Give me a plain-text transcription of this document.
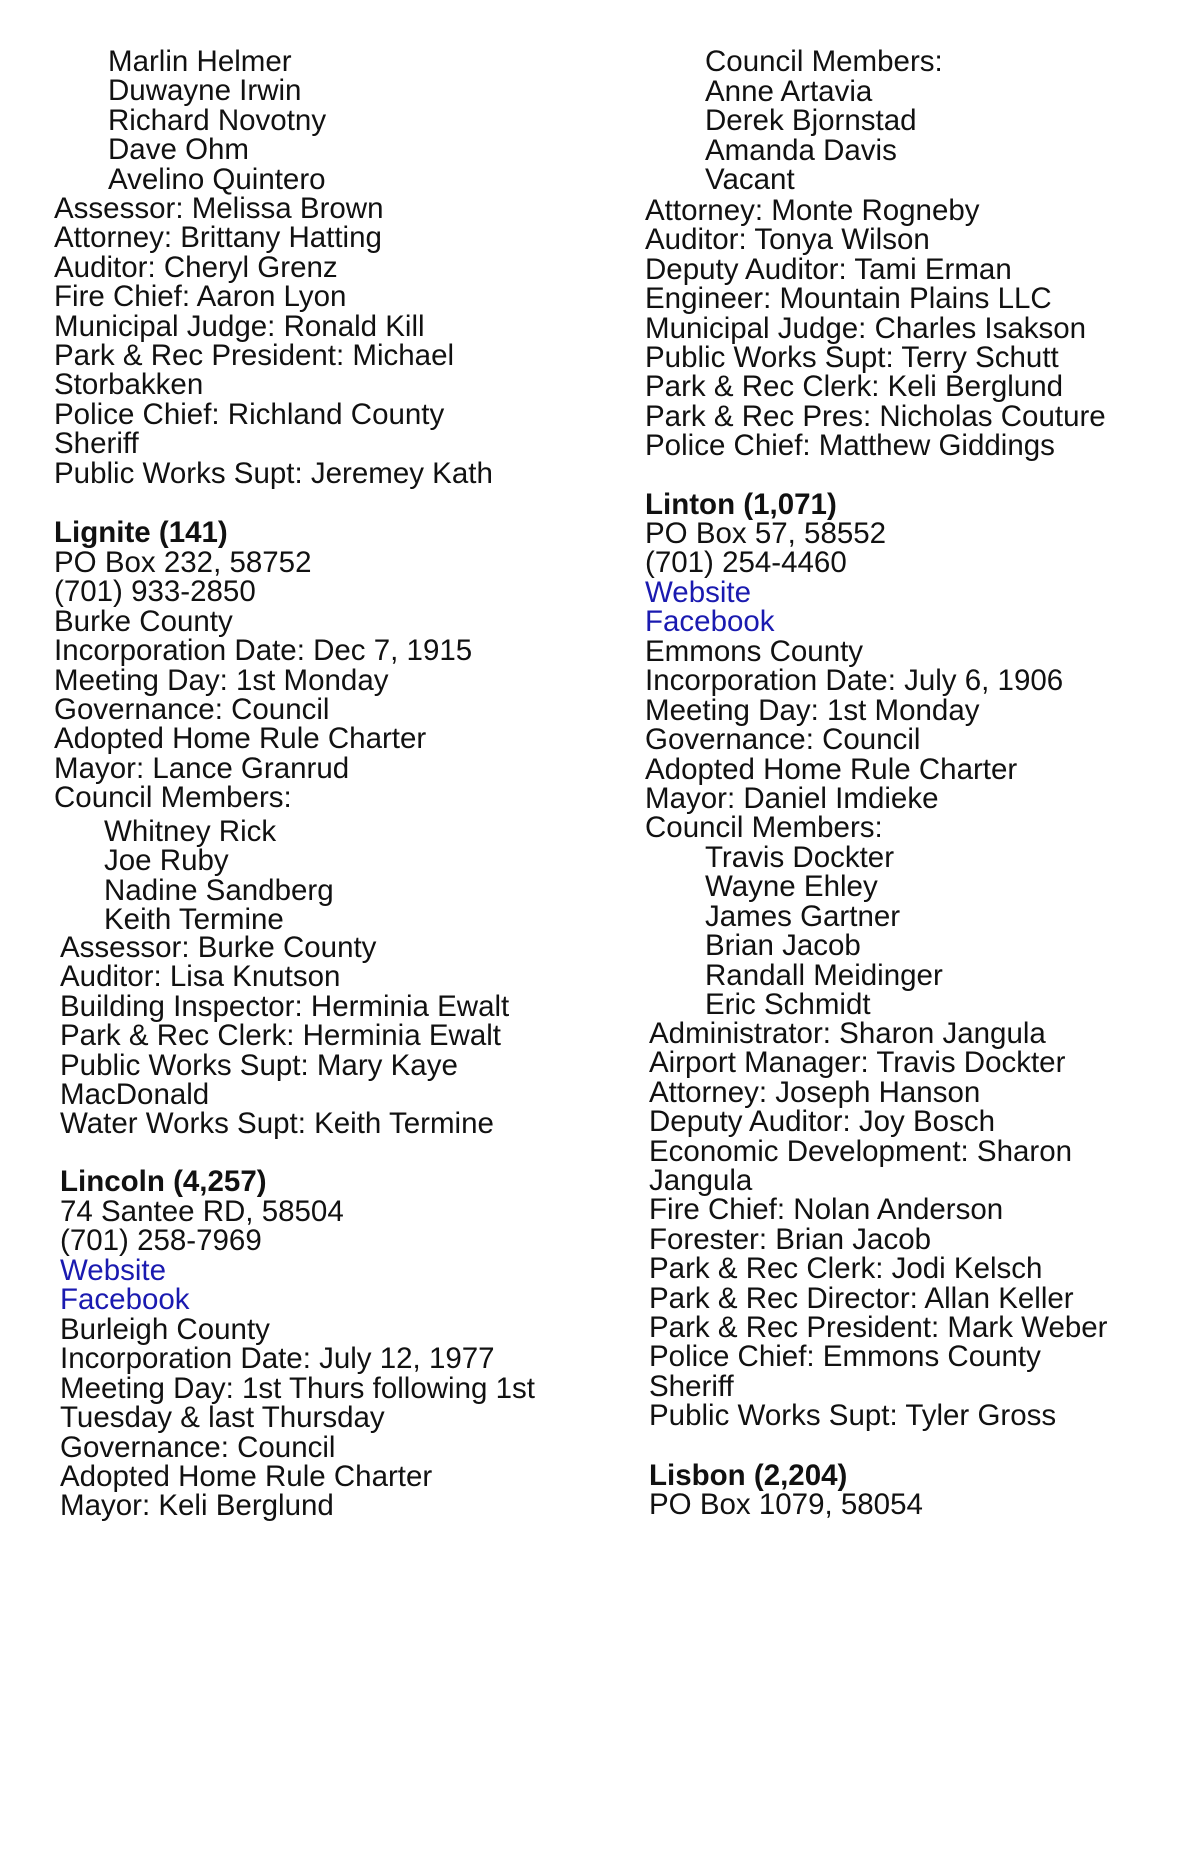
Marlin Helmer
Duwayne Irwin
Richard Novotny
Dave Ohm
Avelino Quintero
Assessor: Melissa Brown
Attorney: Brittany Hatting
Auditor: Cheryl Grenz
Fire Chief: Aaron Lyon
Municipal Judge: Ronald Kill
Park & Rec President: Michael
Storbakken
Police Chief: Richland County
Sheriff
Public Works Supt: Jeremey Kath
Lignite (141)
PO Box 232, 58752
(701) 933-2850
Burke County
Incorporation Date: Dec 7, 1915
Meeting Day: 1st Monday
Governance: Council
Adopted Home Rule Charter
Mayor: Lance Granrud
Council Members:
Whitney Rick
Joe Ruby
Nadine Sandberg
Keith Termine
Assessor: Burke County
Auditor: Lisa Knutson
Building Inspector: Herminia Ewalt
Park & Rec Clerk: Herminia Ewalt
Public Works Supt: Mary Kaye
MacDonald
Water Works Supt: Keith Termine
Lincoln (4,257)
74 Santee RD, 58504
(701) 258-7969
Website
Facebook
Burleigh County
Incorporation Date: July 12, 1977
Meeting Day: 1st Thurs following 1st
Tuesday & last Thursday
Governance: Council
Adopted Home Rule Charter
Mayor: Keli Berglund
Council Members:
Anne Artavia
Derek Bjornstad
Amanda Davis
Vacant
Attorney: Monte Rogneby
Auditor: Tonya Wilson
Deputy Auditor: Tami Erman
Engineer: Mountain Plains LLC
Municipal Judge: Charles Isakson
Public Works Supt: Terry Schutt
Park & Rec Clerk: Keli Berglund
Park & Rec Pres: Nicholas Couture
Police Chief: Matthew Giddings
Linton (1,071)
PO Box 57, 58552
(701) 254-4460
Website
Facebook
Emmons County
Incorporation Date: July 6, 1906
Meeting Day: 1st Monday
Governance: Council
Adopted Home Rule Charter
Mayor: Daniel Imdieke
Council Members:
Travis Dockter
Wayne Ehley
James Gartner
Brian Jacob
Randall Meidinger
Eric Schmidt
Administrator: Sharon Jangula
Airport Manager: Travis Dockter
Attorney: Joseph Hanson
Deputy Auditor: Joy Bosch
Economic Development: Sharon
Jangula
Fire Chief: Nolan Anderson
Forester: Brian Jacob
Park & Rec Clerk: Jodi Kelsch
Park & Rec Director: Allan Keller
Park & Rec President: Mark Weber
Police Chief: Emmons County
Sheriff
Public Works Supt: Tyler Gross
Lisbon (2,204)
PO Box 1079, 58054
